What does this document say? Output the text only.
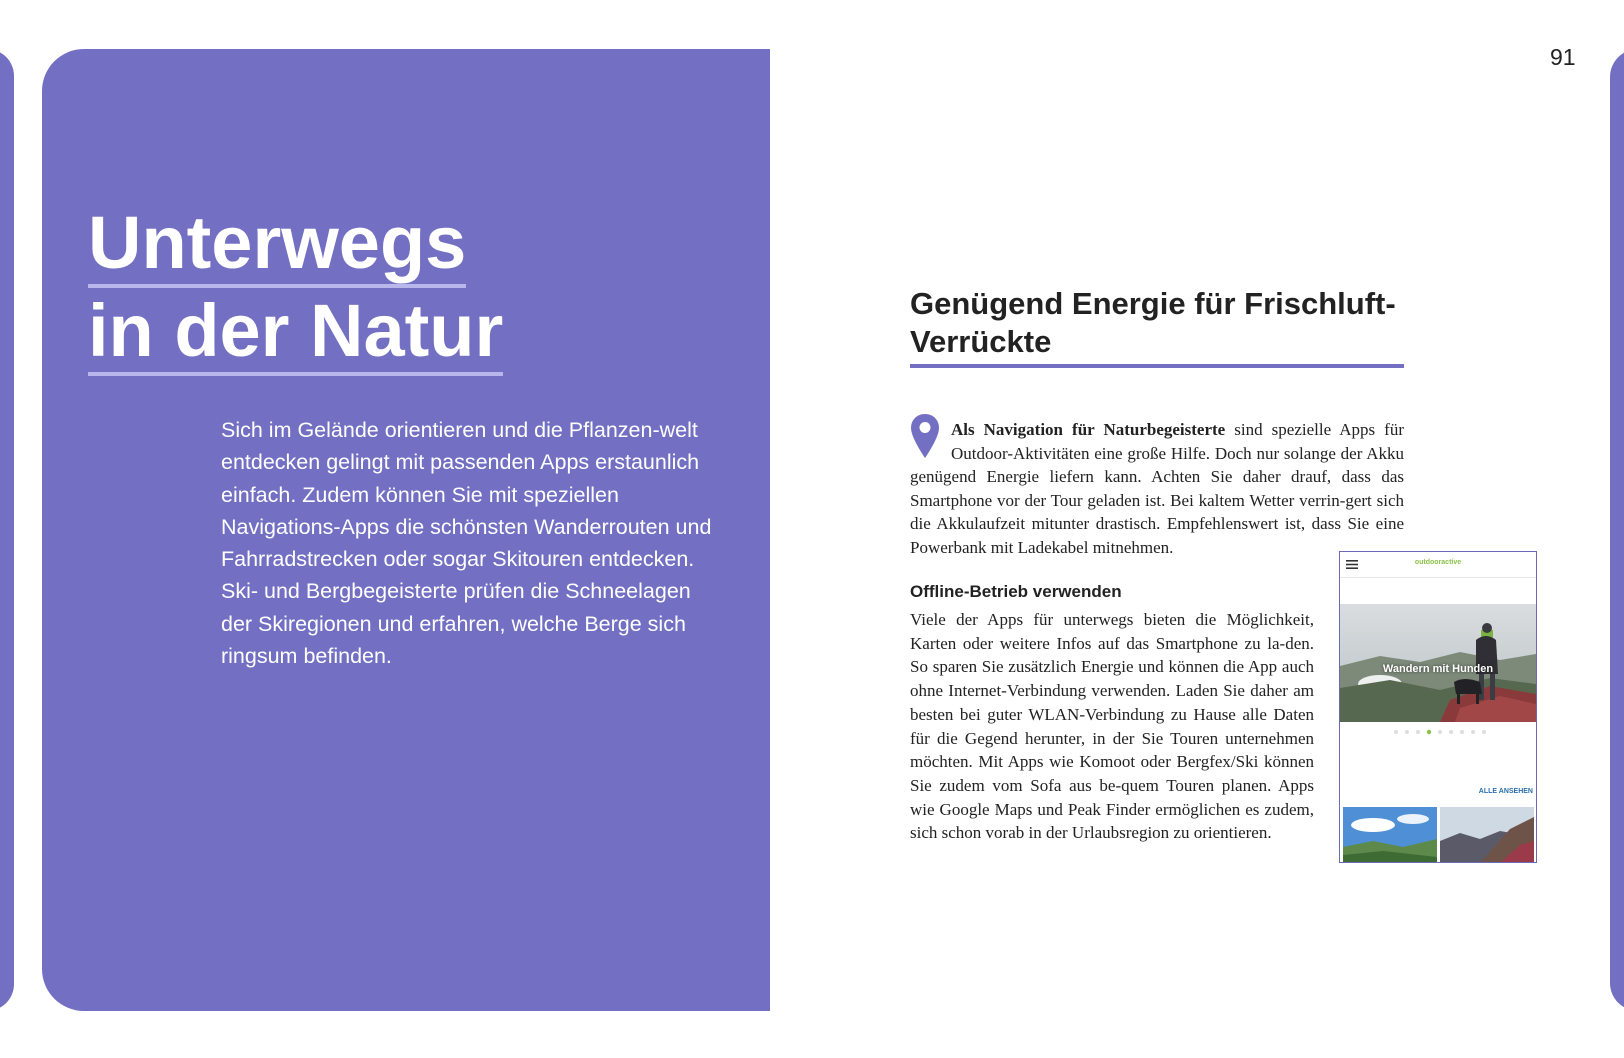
Unterwegs
in der Natur

Sich im Gelände orientieren und die Pflanzen-welt entdecken gelingt mit passenden Apps erstaunlich einfach. Zudem können Sie mit speziellen Navigations-Apps die schönsten Wanderrouten und Fahrradstrecken oder sogar Skitouren entdecken. Ski- und Bergbegeisterte prüfen die Schneelagen der Skiregionen und erfahren, welche Berge sich ringsum befinden.

91
Genügend Energie für Frischluft-Verrückte

Als Navigation für Naturbegeisterte sind spezielle Apps für Outdoor-Aktivitäten eine große Hilfe. Doch nur solange der Akku genügend Energie liefern kann. Achten Sie daher drauf, dass das Smartphone vor der Tour geladen ist. Bei kaltem Wetter verrin-gert sich die Akkulaufzeit mitunter drastisch. Empfehlenswert ist, dass Sie eine Powerbank mit Ladekabel mitnehmen.

Offline-Betrieb verwenden

Viele der Apps für unterwegs bieten die Möglichkeit, Karten oder weitere Infos auf das Smartphone zu la-den. So sparen Sie zusätzlich Energie und können die App auch ohne Internet-Verbindung verwenden. Laden Sie daher am besten bei guter WLAN-Verbindung zu Hause alle Daten für die Gegend herunter, in der Sie Touren unternehmen möchten. Mit Apps wie Komoot oder Bergfex/Ski können Sie zudem vom Sofa aus be-quem Touren planen. Apps wie Google Maps und Peak Finder ermöglichen es zudem, sich schon vorab in der Urlaubsregion zu orientieren.

outdooractive
Wandern mit Hunden
ALLE ANSEHEN
